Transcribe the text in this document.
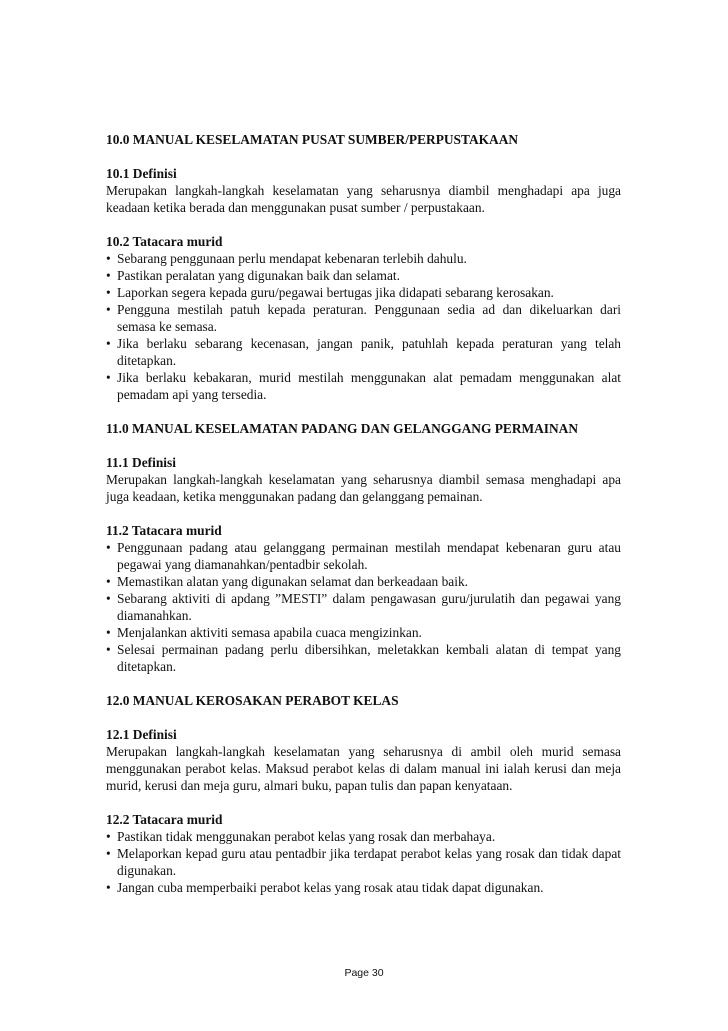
10.0 MANUAL KESELAMATAN PUSAT SUMBER/PERPUSTAKAAN

10.1 Definisi

Merupakan langkah-langkah keselamatan yang seharusnya diambil menghadapi apa juga keadaan ketika berada dan menggunakan pusat sumber / perpustakaan.

10.2 Tatacara murid

• Sebarang penggunaan perlu mendapat kebenaran terlebih dahulu.
• Pastikan peralatan yang digunakan baik dan selamat.
• Laporkan segera kepada guru/pegawai bertugas jika didapati sebarang kerosakan.
• Pengguna mestilah patuh kepada peraturan. Penggunaan sedia ad dan dikeluarkan dari semasa ke semasa.
• Jika berlaku sebarang kecenasan, jangan panik, patuhlah kepada peraturan yang telah ditetapkan.
• Jika berlaku kebakaran, murid mestilah menggunakan alat pemadam menggunakan alat pemadam api yang tersedia.

11.0 MANUAL KESELAMATAN PADANG DAN GELANGGANG PERMAINAN

11.1 Definisi

Merupakan langkah-langkah keselamatan yang seharusnya diambil semasa menghadapi apa juga keadaan, ketika menggunakan padang dan gelanggang pemainan.

11.2 Tatacara murid

• Penggunaan padang atau gelanggang permainan mestilah mendapat kebenaran guru atau pegawai yang diamanahkan/pentadbir sekolah.
• Memastikan alatan yang digunakan selamat dan berkeadaan baik.
• Sebarang aktiviti di apdang ”MESTI” dalam pengawasan guru/jurulatih dan pegawai yang diamanahkan.
• Menjalankan aktiviti semasa apabila cuaca mengizinkan.
• Selesai permainan padang perlu dibersihkan, meletakkan kembali alatan di tempat yang ditetapkan.

12.0 MANUAL KEROSAKAN PERABOT KELAS

12.1 Definisi

Merupakan langkah-langkah keselamatan yang seharusnya di ambil oleh murid semasa menggunakan perabot kelas. Maksud perabot kelas di dalam manual ini ialah kerusi dan meja murid, kerusi dan meja guru, almari buku, papan tulis dan papan kenyataan.

12.2 Tatacara murid

• Pastikan tidak menggunakan perabot kelas yang rosak dan merbahaya.
• Melaporkan kepad guru atau pentadbir jika terdapat perabot kelas yang rosak dan tidak dapat digunakan.
• Jangan cuba memperbaiki perabot kelas yang rosak atau tidak dapat digunakan.
Page 30
